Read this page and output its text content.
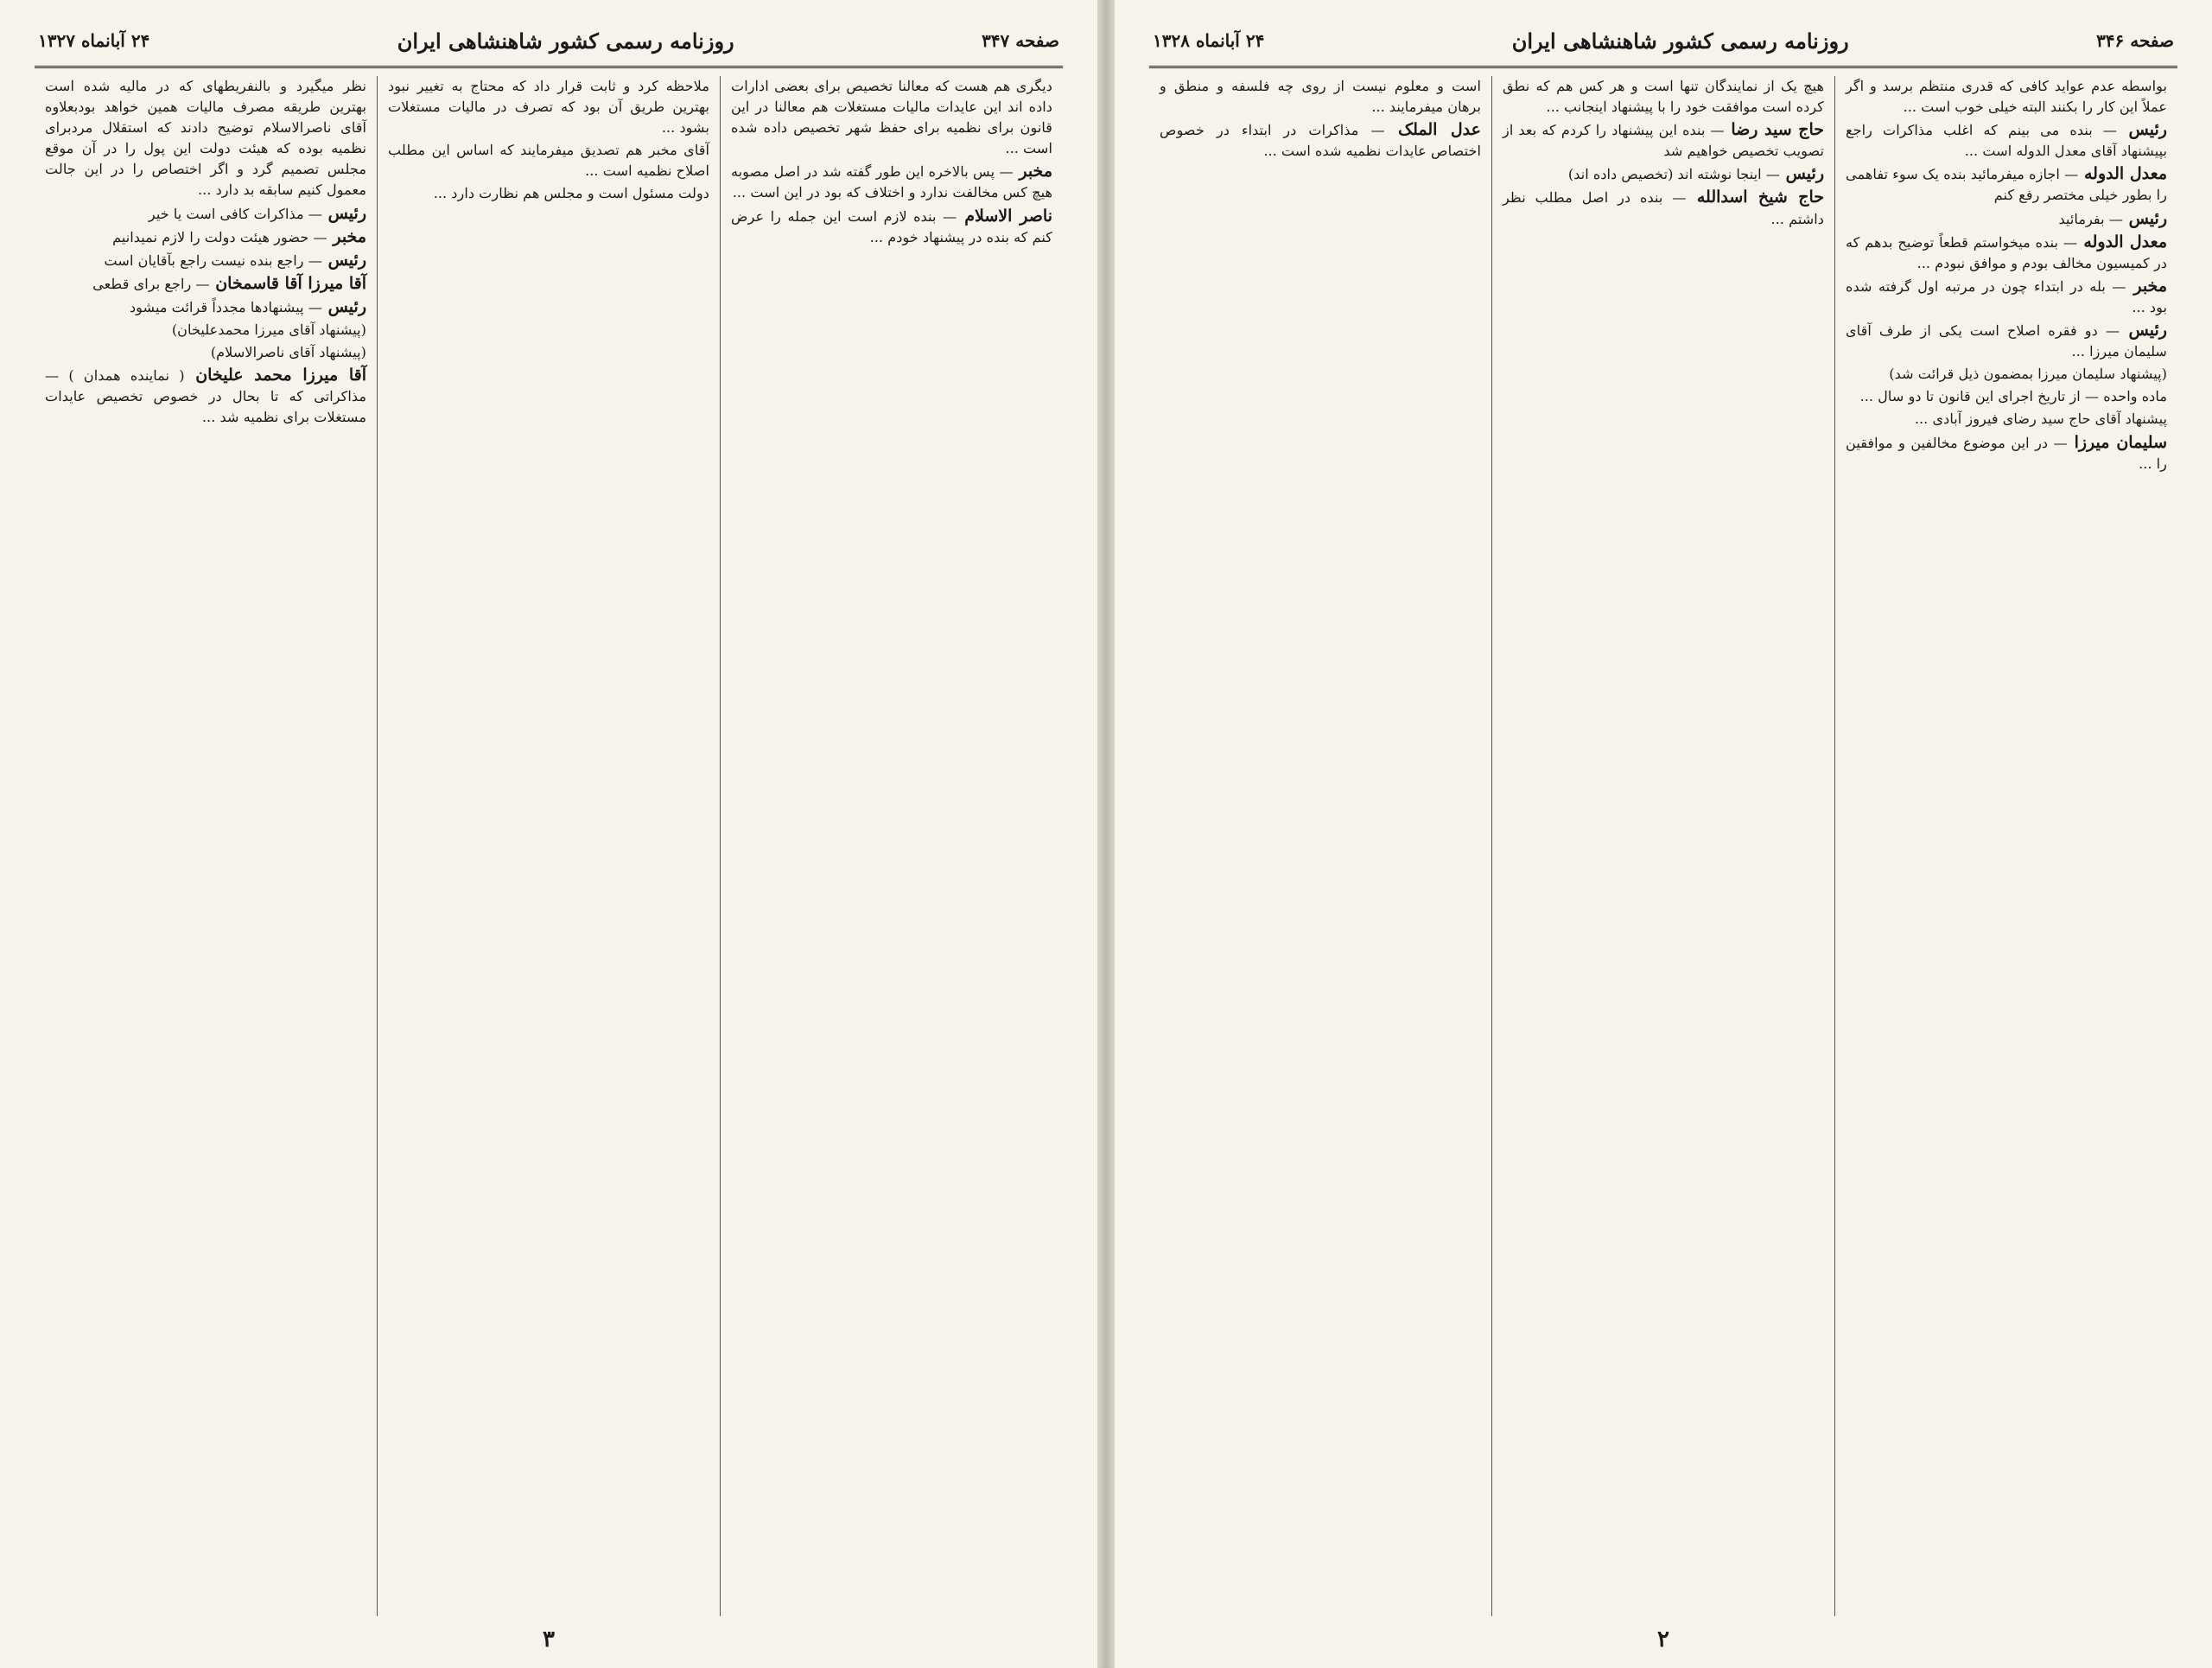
صفحه ۳۴۷
روزنامه رسمی کشور شاهنشاهی ایران
۲۴ آبانماه ۱۳۲۷

دیگری هم هست که معالنا تخصیص برای بعضی ادارات داده اند این عایدات ماليات مستغلات هم معالنا در این قانون برای نظميه برای حفظ شهر تخصیص داده شده است ...

مخبر — پس بالاخره این طور گفته شد در اصل مصوبه هیچ کس مخالفت ندارد و اختلاف که بود در این است ...

ناصر الاسلام — بنده لازم است این جمله را عرض کنم که بنده در پیشنهاد خودم ...

ملاحظه کرد و ثابت قرار داد که محتاج به تغییر نبود بهترین طریق آن بود که تصرف در ماليات مستغلات بشود ...

آقای مخبر هم تصدیق میفرمایند که اساس این مطلب اصلاح نظميه است ...

دولت مسئول است و مجلس هم نظارت دارد ...

نظر میگیرد و بالنفریطهای که در ماليه شده است بهترين طريقه مصرف ماليات همين خواهد بودبعلاوه آقای ناصرالاسلام توضیح دادند که استقلال مردبرای نظميه بوده که هیئت دولت این پول را در آن موقع مجلس تصمیم گرد و اگر اختصاص را در این جالت معمول کنیم سابقه بد دارد ...

رئیس — مذاکرات کافی است یا خیر

مخبر — حضور هیئت دولت را لازم نمیدانیم

رئیس — راجع بنده نیست راجع بآقایان است

آقا میرزا آقا قاسمخان — راجع برای قطعی

رئیس — پیشنهادها مجدداً قرائت میشود

(پیشنهاد آقای میرزا محمدعلیخان)

(پیشنهاد آقای ناصرالاسلام)

آقا میرزا محمد علیخان ( نماینده همدان ) — مذاکراتی که تا بحال در خصوص تخصیص عایدات مستغلات برای نظميه شد ...

۳
صفحه ۳۴۶
روزنامه رسمی کشور شاهنشاهی ایران
۲۴ آبانماه ۱۳۲۸

بواسطه عدم عواید کافی که قدری منتظم برسد و اگر عملاً این کار را بکنند البته خیلی خوب است ...

رئیس — بنده می بینم که اغلب مذاکرات راجع بپیشنهاد آقای معدل الدوله است ...

معدل الدوله — اجازه میفرمائید بنده یک سوء تفاهمی را بطور خیلی مختصر رفع کنم

رئیس — بفرمائید

معدل الدوله — بنده میخواستم قطعاً توضیح بدهم که در کمیسیون مخالف بودم و موافق نبودم ...

مخبر — بله در ابتداء چون در مرتبه اول گرفته شده بود ...

رئیس — دو فقره اصلاح است یکی از طرف آقای سلیمان میرزا ...

(پیشنهاد سلیمان میرزا بمضمون ذیل قرائت شد)

ماده واحده — از تاریخ اجرای این قانون تا دو سال ...

پیشنهاد آقای حاج سید رضای فیروز آبادی ...

سلیمان میرزا — در این موضوع مخالفین و موافقین را ...

هیچ یک از نمایندگان تنها است و هر کس هم که نطق کرده است موافقت خود را با پیشنهاد اینجانب ...

حاج سید رضا — بنده این پیشنهاد را کردم که بعد از تصویب تخصیص خواهیم شد

رئیس — اینجا نوشته اند (تخصیص داده اند)

حاج شیخ اسدالله — بنده در اصل مطلب نظر داشتم ...

است و معلوم نیست از روی چه فلسفه و منطق و برهان میفرمایند ...

عدل الملک — مذاکرات در ابتداء در خصوص اختصاص عایدات نظميه شده است ...

۲
